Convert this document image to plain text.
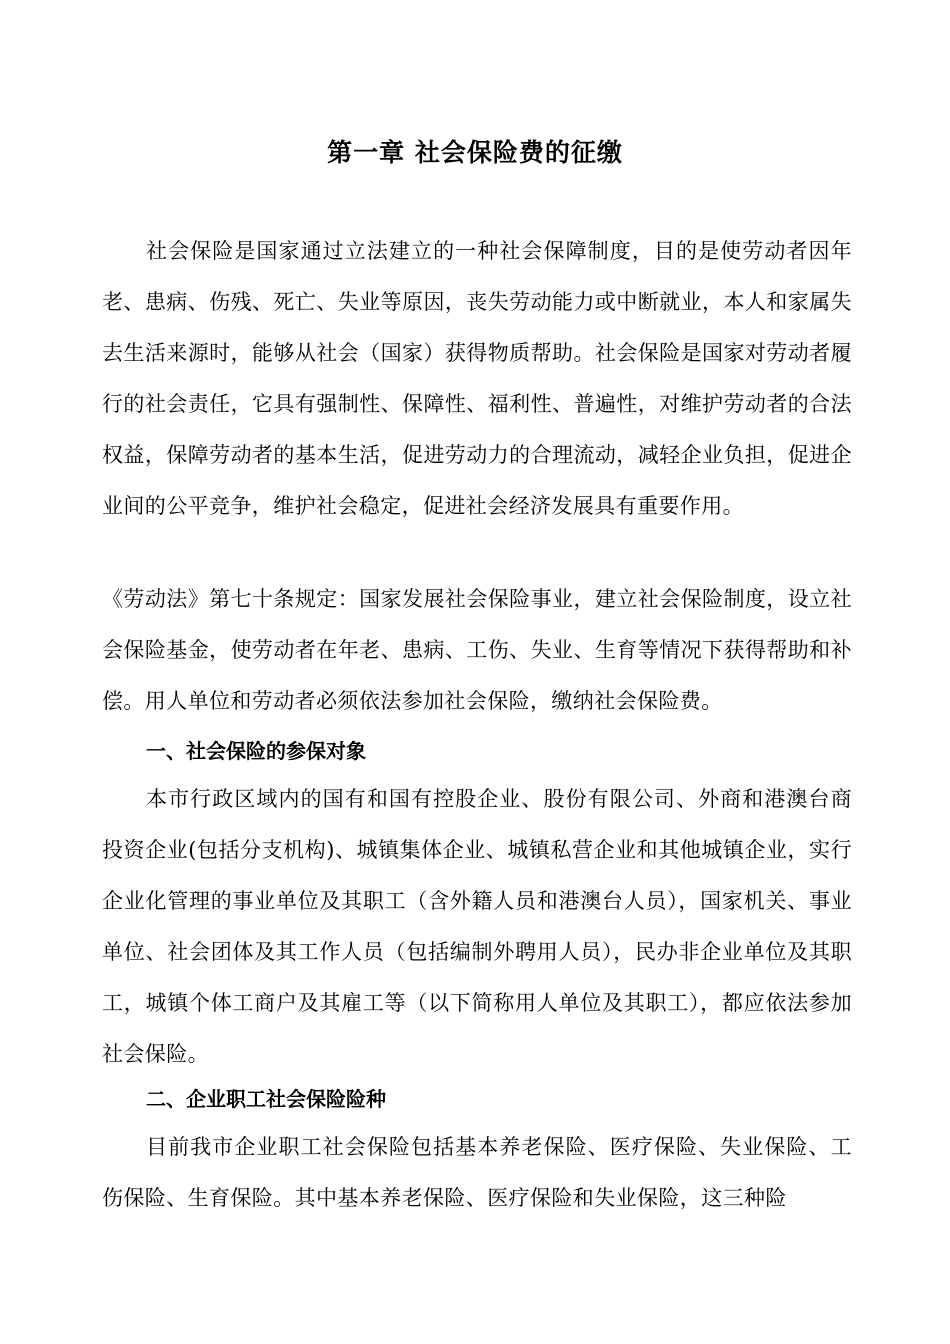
第一章 社会保险费的征缴
社会保险是国家通过立法建立的一种社会保障制度，目的是使劳动者因年老、患病、伤残、死亡、失业等原因，丧失劳动能力或中断就业，本人和家属失去生活来源时，能够从社会（国家）获得物质帮助。社会保险是国家对劳动者履行的社会责任，它具有强制性、保障性、福利性、普遍性，对维护劳动者的合法权益，保障劳动者的基本生活，促进劳动力的合理流动，减轻企业负担，促进企业间的公平竞争，维护社会稳定，促进社会经济发展具有重要作用。
《劳动法》第七十条规定：国家发展社会保险事业，建立社会保险制度，设立社会保险基金，使劳动者在年老、患病、工伤、失业、生育等情况下获得帮助和补偿。用人单位和劳动者必须依法参加社会保险，缴纳社会保险费。
一、社会保险的参保对象
本市行政区域内的国有和国有控股企业、股份有限公司、外商和港澳台商投资企业(包括分支机构)、城镇集体企业、城镇私营企业和其他城镇企业，实行企业化管理的事业单位及其职工（含外籍人员和港澳台人员），国家机关、事业单位、社会团体及其工作人员（包括编制外聘用人员），民办非企业单位及其职工，城镇个体工商户及其雇工等（以下简称用人单位及其职工），都应依法参加社会保险。
二、企业职工社会保险险种
目前我市企业职工社会保险包括基本养老保险、医疗保险、失业保险、工伤保险、生育保险。其中基本养老保险、医疗保险和失业保险，这三种险
